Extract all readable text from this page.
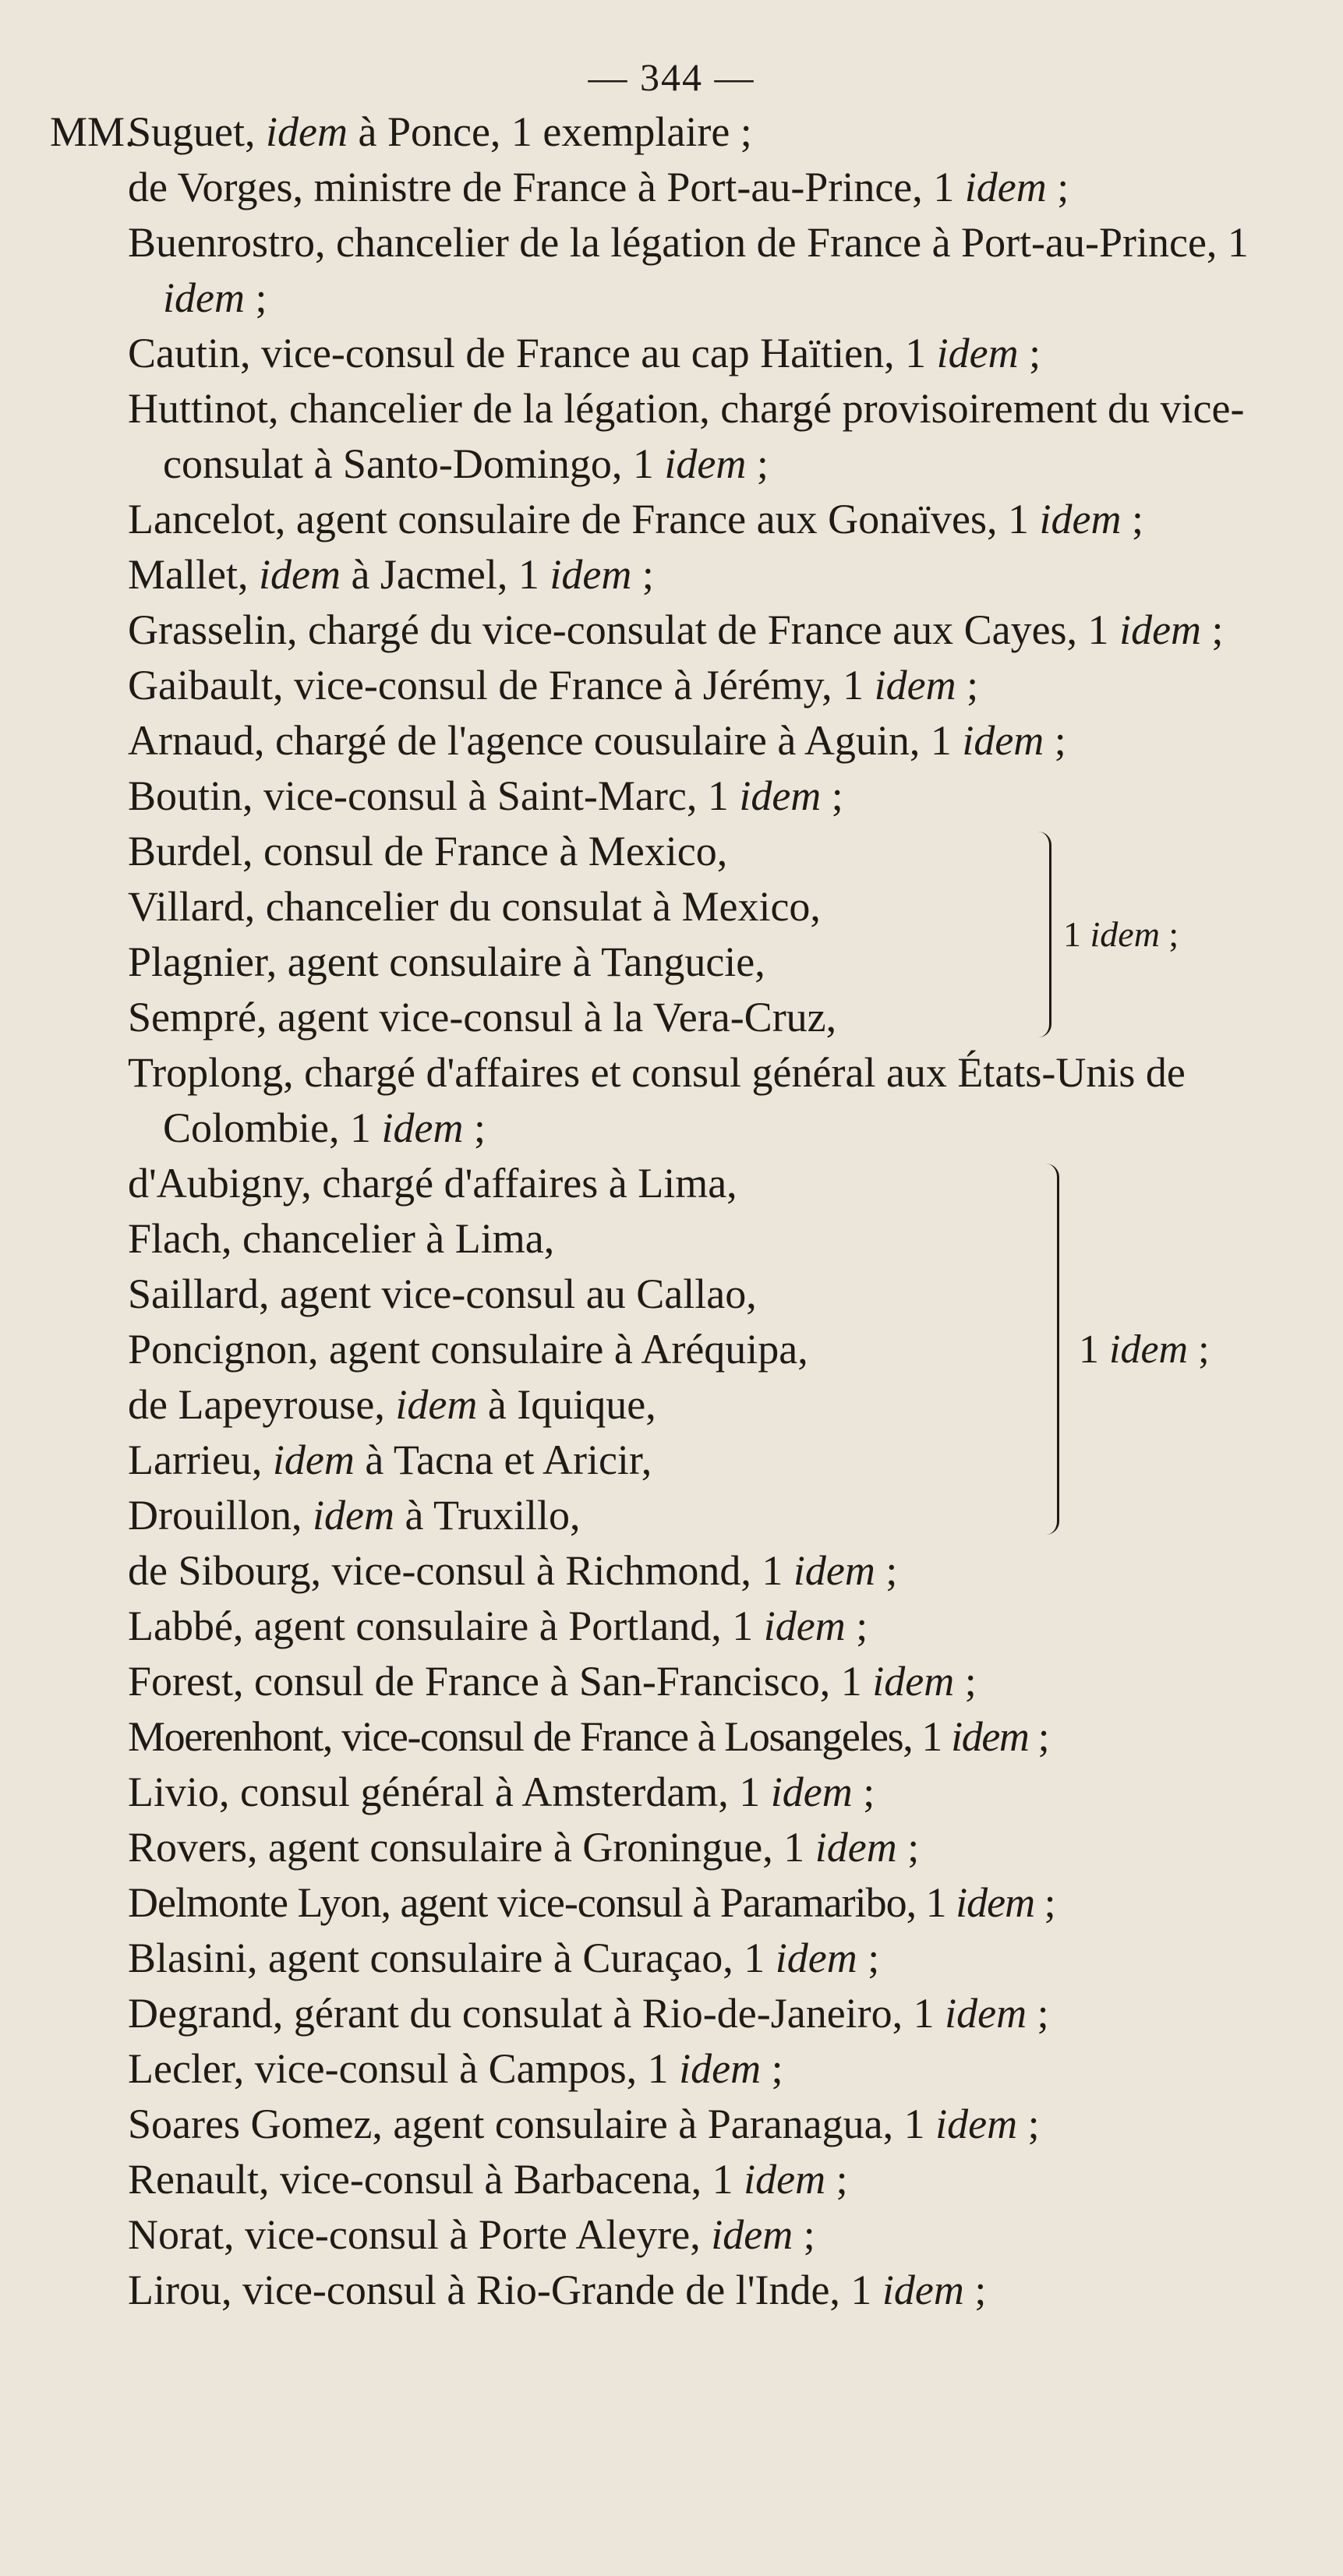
— 344 —

MM.Suguet, idem à Ponce, 1 exemplaire ;

de Vorges, ministre de France à Port-au-Prince, 1 idem ;

Buenrostro, chancelier de la légation de France à Port-au-Prince, 1 idem ;

Cautin, vice-consul de France au cap Haïtien, 1 idem ;

Huttinot, chancelier de la légation, chargé provisoirement du vice-consulat à Santo-Domingo, 1 idem ;

Lancelot, agent consulaire de France aux Gonaïves, 1 idem ;

Mallet, idem à Jacmel, 1 idem ;

Grasselin, chargé du vice-consulat de France aux Cayes, 1 idem ;

Gaibault, vice-consul de France à Jérémy, 1 idem ;

Arnaud, chargé de l'agence cousulaire à Aguin, 1 idem ;

Boutin, vice-consul à Saint-Marc, 1 idem ;

Burdel, consul de France à Mexico,

Villard, chancelier du consulat à Mexico,

Plagnier, agent consulaire à Tangucie,

Sempré, agent vice-consul à la Vera-Cruz,

1 idem ;

Troplong, chargé d'affaires et consul général aux États-Unis de Colombie, 1 idem ;

d'Aubigny, chargé d'affaires à Lima,

Flach, chancelier à Lima,

Saillard, agent vice-consul au Callao,

Poncignon, agent consulaire à Aréquipa,

de Lapeyrouse, idem à Iquique,

Larrieu, idem à Tacna et Aricir,

Drouillon, idem à Truxillo,

1 idem ;

de Sibourg, vice-consul à Richmond, 1 idem ;

Labbé, agent consulaire à Portland, 1 idem ;

Forest, consul de France à San-Francisco, 1 idem ;

Moerenhont, vice-consul de France à Losangeles, 1 idem ;

Livio, consul général à Amsterdam, 1 idem ;

Rovers, agent consulaire à Groningue, 1 idem ;

Delmonte Lyon, agent vice-consul à Paramaribo, 1 idem ;

Blasini, agent consulaire à Curaçao, 1 idem ;

Degrand, gérant du consulat à Rio-de-Janeiro, 1 idem ;

Lecler, vice-consul à Campos, 1 idem ;

Soares Gomez, agent consulaire à Paranagua, 1 idem ;

Renault, vice-consul à Barbacena, 1 idem ;

Norat, vice-consul à Porte Aleyre, idem ;

Lirou, vice-consul à Rio-Grande de l'Inde, 1 idem ;
